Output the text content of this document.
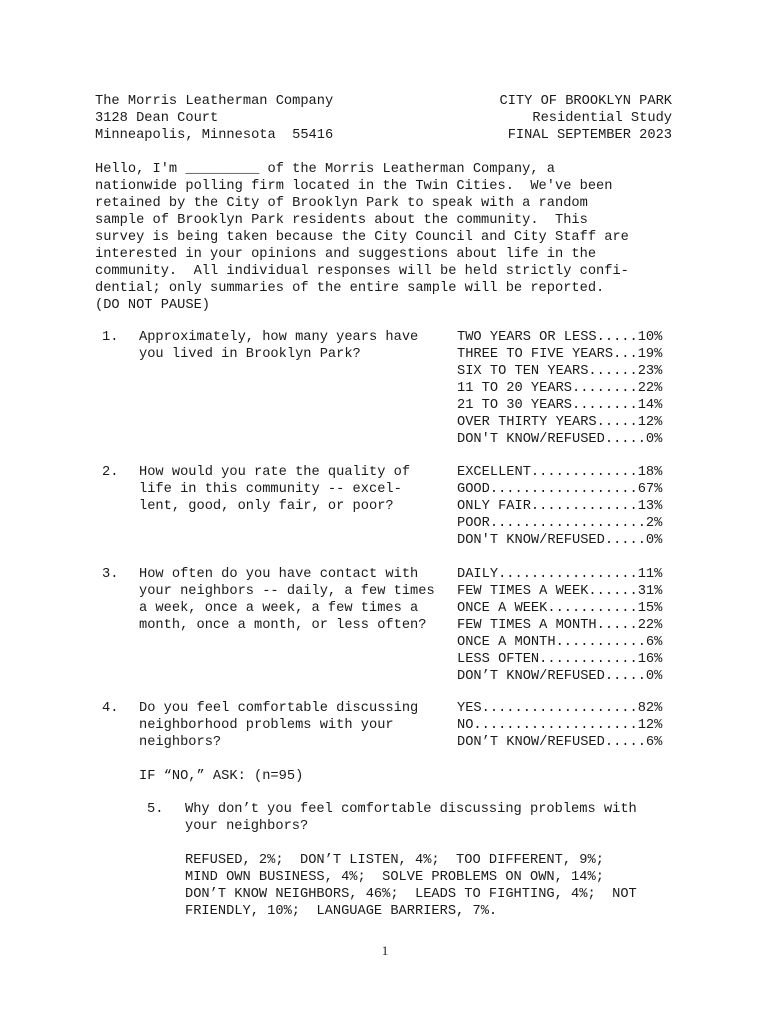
The Morris Leatherman Company
3128 Dean Court
Minneapolis, Minnesota  55416
CITY OF BROOKLYN PARK
Residential Study
FINAL SEPTEMBER 2023
Hello, I'm _________ of the Morris Leatherman Company, a
nationwide polling firm located in the Twin Cities.  We've been
retained by the City of Brooklyn Park to speak with a random
sample of Brooklyn Park residents about the community.  This
survey is being taken because the City Council and City Staff are
interested in your opinions and suggestions about life in the
community.  All individual responses will be held strictly confi-
dential; only summaries of the entire sample will be reported.
(DO NOT PAUSE)
1. Approximately, how many years have
you lived in Brooklyn Park?
TWO YEARS OR LESS.....10%
THREE TO FIVE YEARS...19%
SIX TO TEN YEARS......23%
11 TO 20 YEARS........22%
21 TO 30 YEARS........14%
OVER THIRTY YEARS.....12%
DON'T KNOW/REFUSED.....0%
2. How would you rate the quality of
life in this community -- excel-
lent, good, only fair, or poor?
EXCELLENT.............18%
GOOD..................67%
ONLY FAIR.............13%
POOR...................2%
DON'T KNOW/REFUSED.....0%
3. How often do you have contact with
your neighbors -- daily, a few times
a week, once a week, a few times a
month, once a month, or less often?
DAILY.................11%
FEW TIMES A WEEK......31%
ONCE A WEEK...........15%
FEW TIMES A MONTH.....22%
ONCE A MONTH...........6%
LESS OFTEN............16%
DON’T KNOW/REFUSED.....0%
4. Do you feel comfortable discussing
neighborhood problems with your
neighbors?
YES...................82%
NO....................12%
DON’T KNOW/REFUSED.....6%
IF “NO,” ASK: (n=95)
5. Why don’t you feel comfortable discussing problems with
your neighbors?
REFUSED, 2%;  DON’T LISTEN, 4%;  TOO DIFFERENT, 9%;
MIND OWN BUSINESS, 4%;  SOLVE PROBLEMS ON OWN, 14%;
DON’T KNOW NEIGHBORS, 46%;  LEADS TO FIGHTING, 4%;  NOT
FRIENDLY, 10%;  LANGUAGE BARRIERS, 7%.
1
